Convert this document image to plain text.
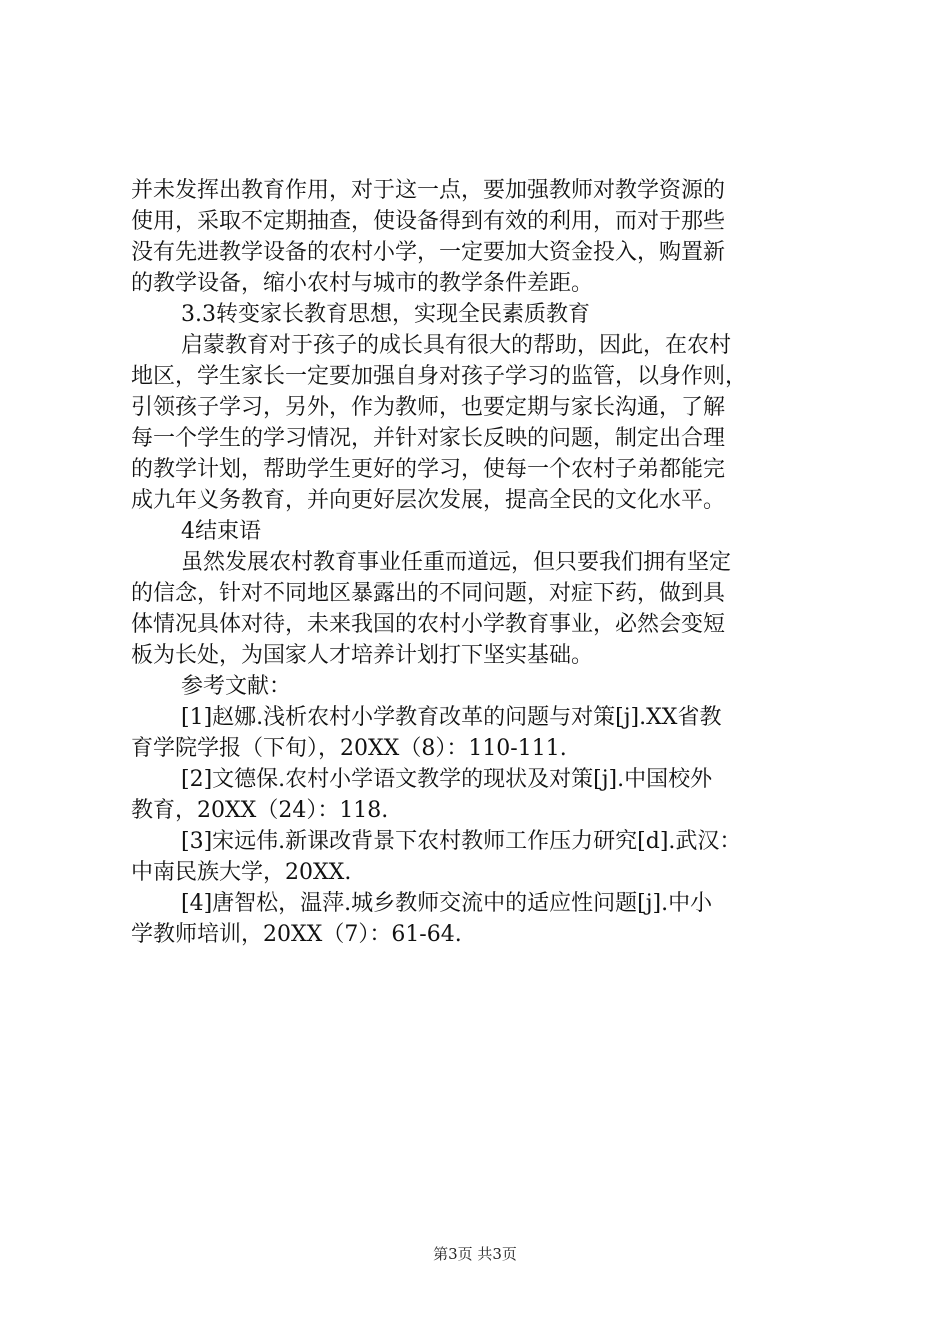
并未发挥出教育作用，对于这一点，要加强教师对教学资源的
使用，采取不定期抽查，使设备得到有效的利用，而对于那些
没有先进教学设备的农村小学，一定要加大资金投入，购置新
的教学设备，缩小农村与城市的教学条件差距。
3.3转变家长教育思想，实现全民素质教育
启蒙教育对于孩子的成长具有很大的帮助，因此，在农村
地区，学生家长一定要加强自身对孩子学习的监管，以身作则，
引领孩子学习，另外，作为教师，也要定期与家长沟通，了解
每一个学生的学习情况，并针对家长反映的问题，制定出合理
的教学计划，帮助学生更好的学习，使每一个农村子弟都能完
成九年义务教育，并向更好层次发展，提高全民的文化水平。
4结束语
虽然发展农村教育事业任重而道远，但只要我们拥有坚定
的信念，针对不同地区暴露出的不同问题，对症下药，做到具
体情况具体对待，未来我国的农村小学教育事业，必然会变短
板为长处，为国家人才培养计划打下坚实基础。
参考文献：
[1]赵娜.浅析农村小学教育改革的问题与对策[j].XX省教
育学院学报（下旬），20XX（8）：110-111.
[2]文德保.农村小学语文教学的现状及对策[j].中国校外
教育，20XX（24）：118.
[3]宋远伟.新课改背景下农村教师工作压力研究[d].武汉：
中南民族大学，20XX.
[4]唐智松，温萍.城乡教师交流中的适应性问题[j].中小
学教师培训，20XX（7）：61-64.
第3页 共3页
